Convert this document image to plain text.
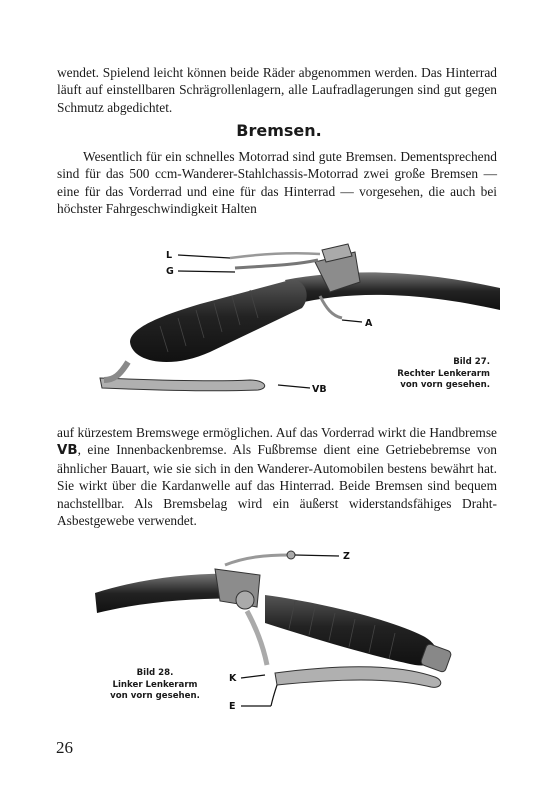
wendet. Spielend leicht können beide Räder abgenommen werden. Das Hinterrad läuft auf einstellbaren Schrägrollenlagern, alle Laufradlagerungen sind gut gegen Schmutz abgedichtet.

Bremsen.

Wesentlich für ein schnelles Motorrad sind gute Bremsen. Dementsprechend sind für das 500 ccm-Wanderer-Stahlchassis-Motorrad zwei große Bremsen — eine für das Vorderrad und eine für das Hinterrad — vorgesehen, die auch bei höchster Fahrgeschwindigkeit Halten

L
G
A
VB
Bild 27.
Rechter Lenkerarm
von vorn gesehen.

auf kürzestem Bremswege ermöglichen. Auf das Vorderrad wirkt die Handbremse VB, eine Innenbackenbremse. Als Fußbremse dient eine Getriebebremse von ähnlicher Bauart, wie sie sich in den Wanderer-Automobilen bestens bewährt hat. Sie wirkt über die Kardanwelle auf das Hinterrad. Beide Bremsen sind bequem nachstellbar. Als Bremsbelag wird ein äußerst widerstandsfähiges Draht-Asbestgewebe verwendet.

Z
K
E
Bild 28.
Linker Lenkerarm
von vorn gesehen.

26
